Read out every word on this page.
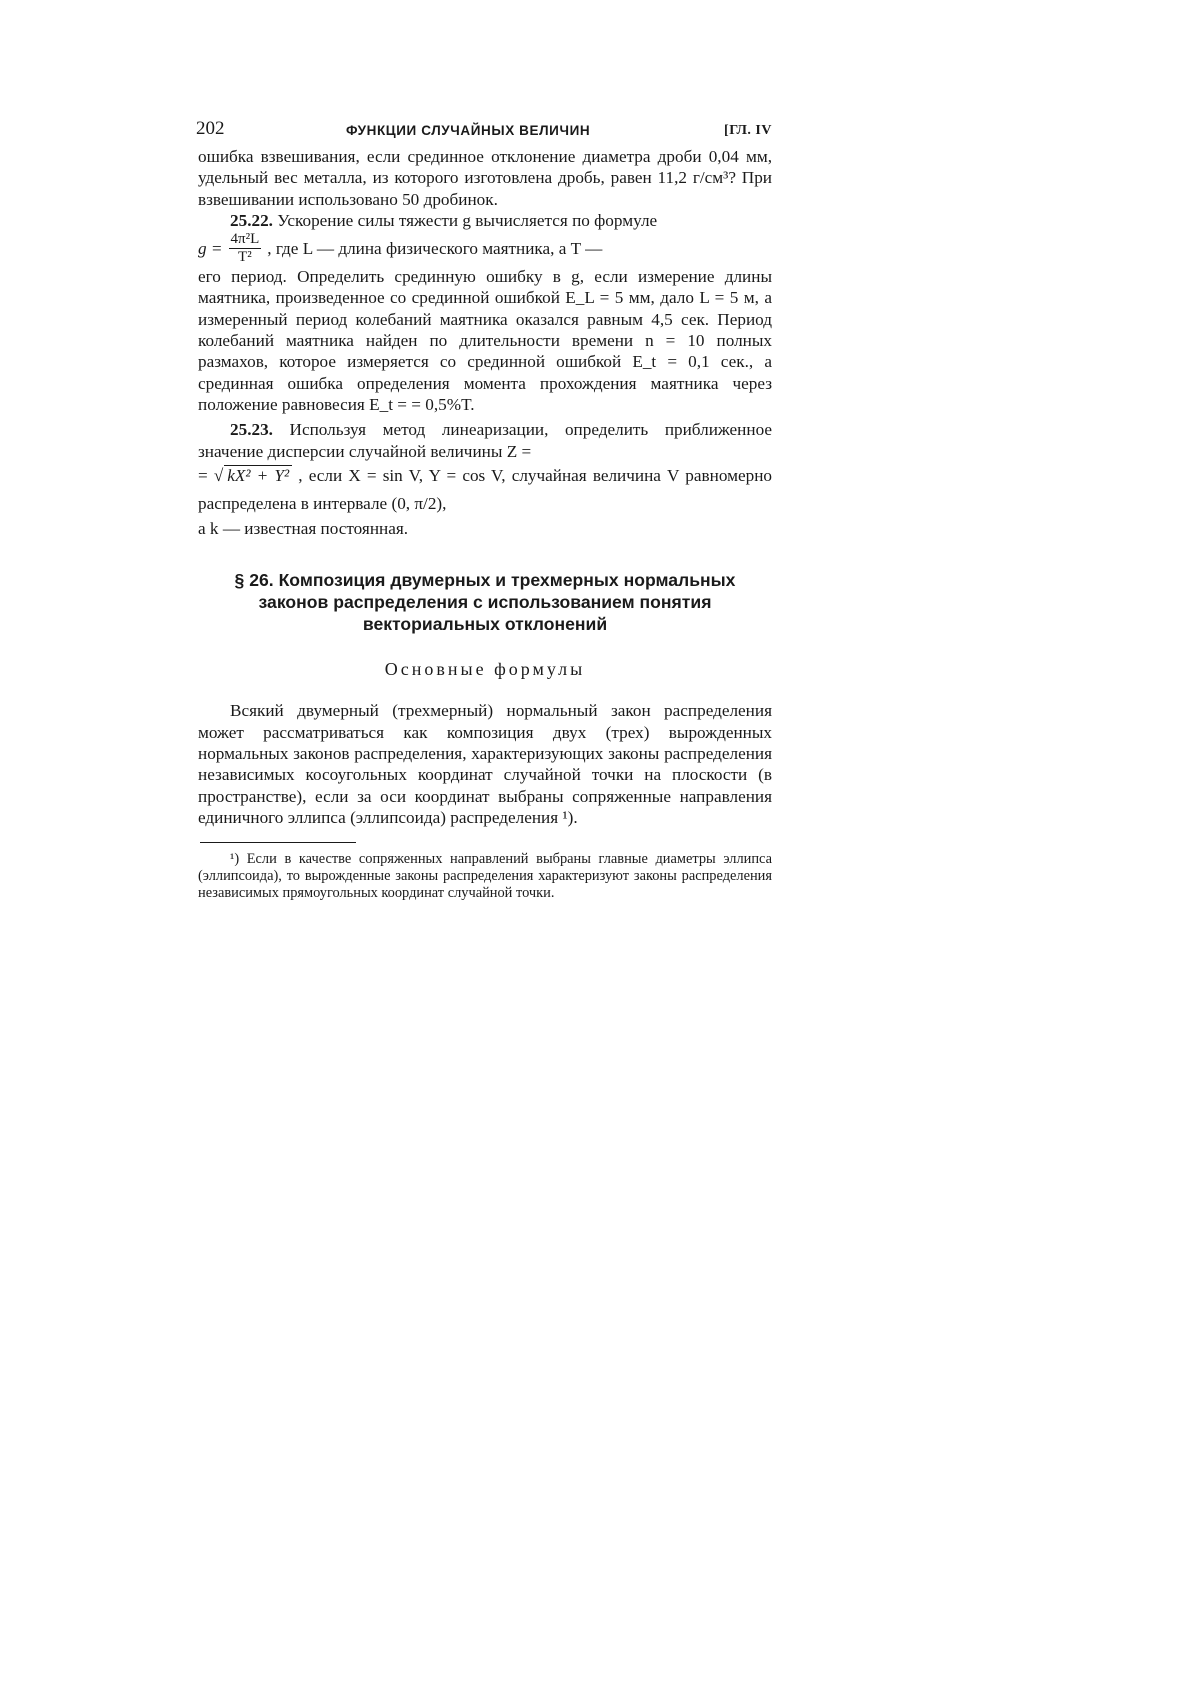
202	ФУНКЦИИ СЛУЧАЙНЫХ ВЕЛИЧИН	[ГЛ. IV

ошибка взвешивания, если срединное отклонение диаметра дроби 0,04 мм, удельный вес металла, из которого изготовлена дробь, равен 11,2 г/см³? При взвешивании использовано 50 дробинок.

25.22. Ускорение силы тяжести g вычисляется по формуле

$g = \frac{\text{4π²L}}{\text{T²}}$ , где L — длина физического маятника, а T —

его период. Определить срединную ошибку в g, если измерение длины маятника, произведенное со срединной ошибкой E_L = 5 мм, дало L = 5 м, а измеренный период колебаний маятника оказался равным 4,5 сек. Период колебаний маятника найден по длительности времени n = 10 полных размахов, которое измеряется со срединной ошибкой E_t = 0,1 сек., а срединная ошибка определения момента прохождения маятника через положение равновесия E_t = = 0,5%T.

25.23. Используя метод линеаризации, определить приближенное значение дисперсии случайной величины Z =

= √ kX² + Y² , если X = sin V, Y = cos V, случайная величина V равномерно распределена в интервале (0, π/2),

а k — известная постоянная.

§ 26. Композиция двумерных и трехмерных нормальных законов распределения с использованием понятия векториальных отклонений
Основные формулы

Всякий двумерный (трехмерный) нормальный закон распределения может рассматриваться как композиция двух (трех) вырожденных нормальных законов распределения, характеризующих законы распределения независимых косоугольных координат случайной точки на плоскости (в пространстве), если за оси координат выбраны сопряженные направления единичного эллипса (эллипсоида) распределения ¹).

¹) Если в качестве сопряженных направлений выбраны главные диаметры эллипса (эллипсоида), то вырожденные законы распределения характеризуют законы распределения независимых прямоугольных координат случайной точки.
